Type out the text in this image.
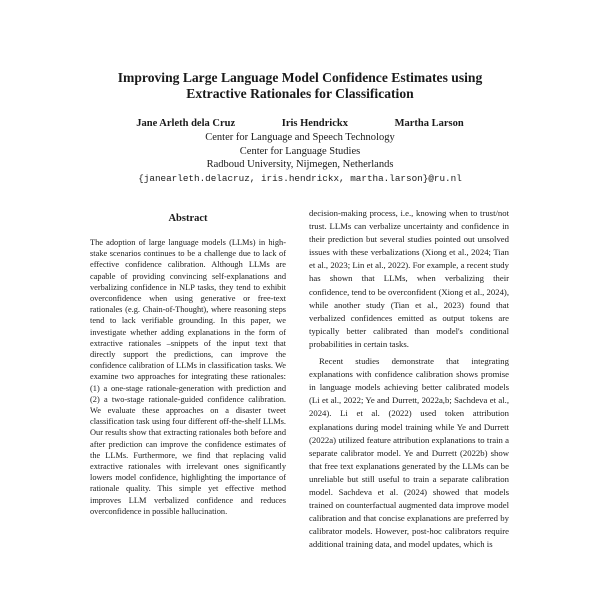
Improving Large Language Model Confidence Estimates using
Extractive Rationales for Classification
Jane Arleth dela Cruz	Iris Hendrickx	Martha Larson
Center for Language and Speech Technology
Center for Language Studies
Radboud University, Nijmegen, Netherlands
{janearleth.delacruz, iris.hendrickx, martha.larson}@ru.nl
Abstract

The adoption of large language models (LLMs) in high-stake scenarios continues to be a challenge due to lack of effective confidence calibration. Although LLMs are capable of providing convincing self-explanations and verbalizing confidence in NLP tasks, they tend to exhibit overconfidence when using generative or free-text rationales (e.g. Chain-of-Thought), where reasoning steps tend to lack verifiable grounding. In this paper, we investigate whether adding explanations in the form of extractive rationales –snippets of the input text that directly support the predictions, can improve the confidence calibration of LLMs in classification tasks. We examine two approaches for integrating these rationales: (1) a one-stage rationale-generation with prediction and (2) a two-stage rationale-guided confidence calibration. We evaluate these approaches on a disaster tweet classification task using four different off-the-shelf LLMs. Our results show that extracting rationales both before and after prediction can improve the confidence estimates of the LLMs. Furthermore, we find that replacing valid extractive rationales with irrelevant ones significantly lowers model confidence, highlighting the importance of rationale quality. This simple yet effective method improves LLM verbalized confidence and reduces overconfidence in possible hallucination.

decision-making process, i.e., knowing when to trust/not trust. LLMs can verbalize uncertainty and confidence in their prediction but several studies pointed out unsolved issues with these verbalizations (Xiong et al., 2024; Tian et al., 2023; Lin et al., 2022). For example, a recent study has shown that LLMs, when verbalizing their confidence, tend to be overconfident (Xiong et al., 2024), while another study (Tian et al., 2023) found that verbalized confidences emitted as output tokens are typically better calibrated than model's conditional probabilities in certain tasks.

Recent studies demonstrate that integrating explanations with confidence calibration shows promise in language models achieving better calibrated models (Li et al., 2022; Ye and Durrett, 2022a,b; Sachdeva et al., 2024). Li et al. (2022) used token attribution explanations during model training while Ye and Durrett (2022a) utilized feature attribution explanations to train a separate calibrator model. Ye and Durrett (2022b) show that free text explanations generated by the LLMs can be unreliable but still useful to train a separate calibration model. Sachdeva et al. (2024) showed that models trained on counterfactual augmented data improve model calibration and that concise explanations are preferred by calibrator models. However, post-hoc calibrators require additional training data, and model updates, which is
